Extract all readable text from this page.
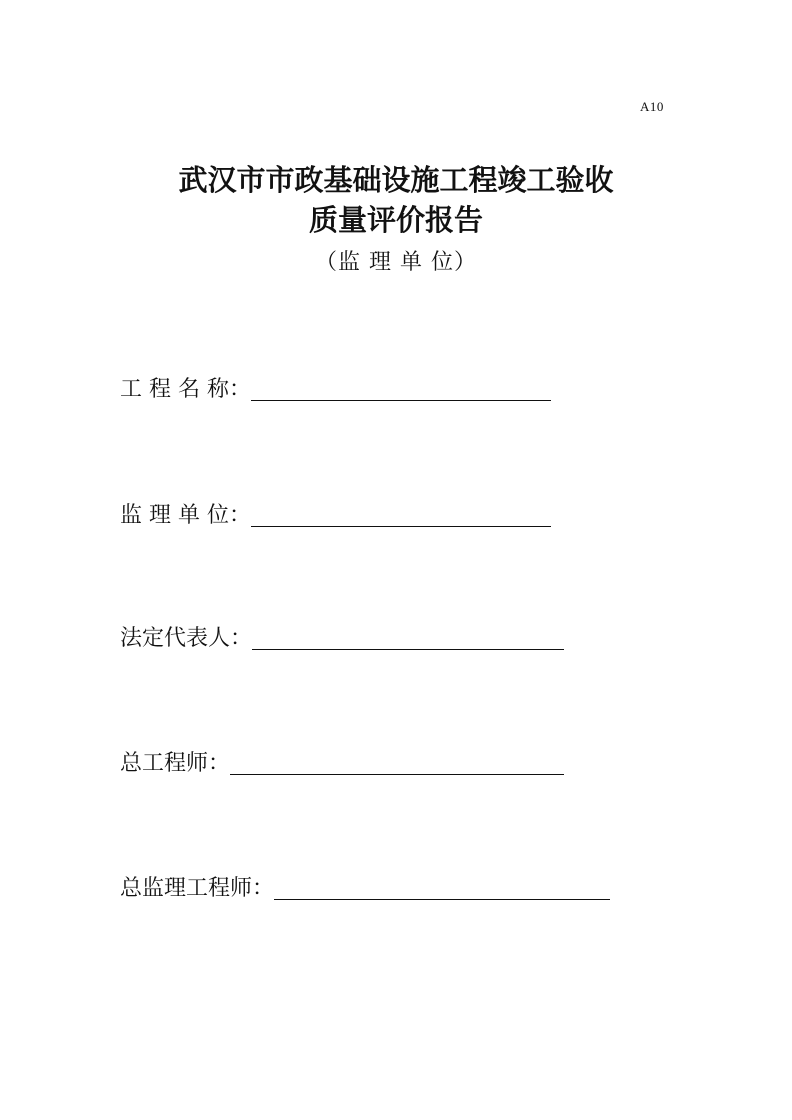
A10
武汉市市政基础设施工程竣工验收
质量评价报告
（监 理 单 位）
工 程 名 称：
监 理 单 位：
法定代表人：
总工程师：
总监理工程师：
